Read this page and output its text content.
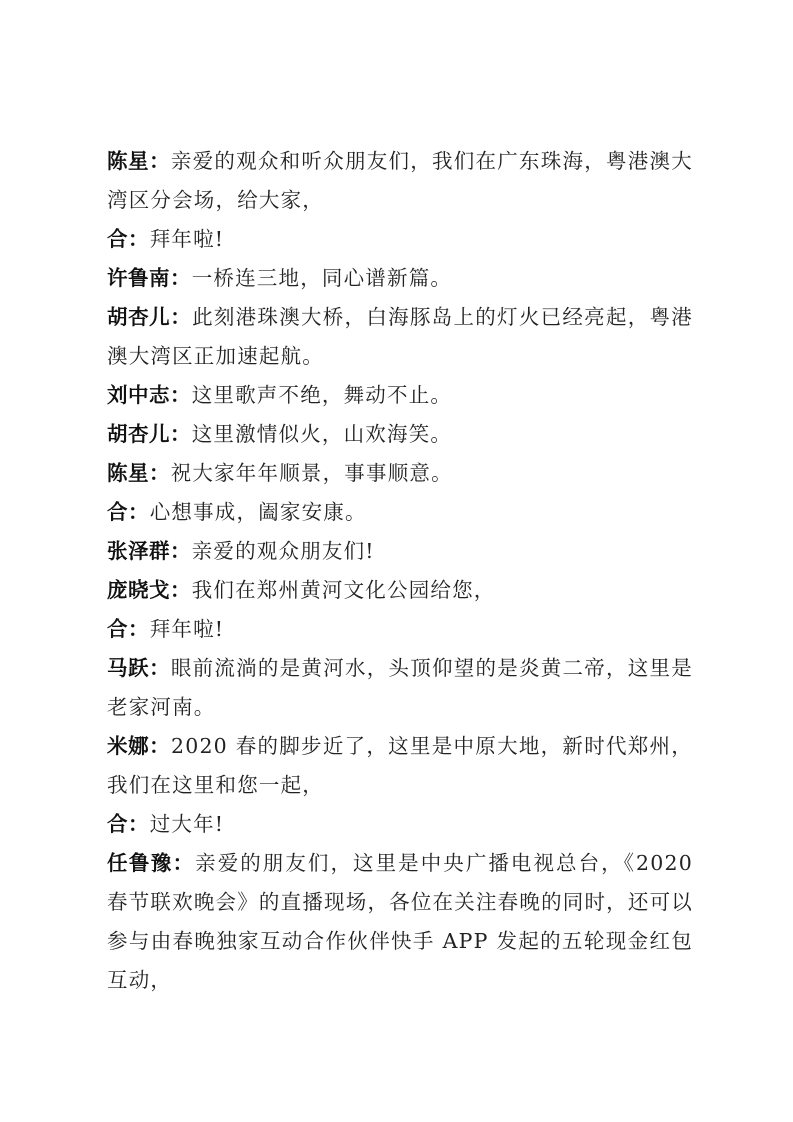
陈星：亲爱的观众和听众朋友们，我们在广东珠海，粤港澳大湾区分会场，给大家，

合：拜年啦!

许鲁南：一桥连三地，同心谱新篇。

胡杏儿：此刻港珠澳大桥，白海豚岛上的灯火已经亮起，粤港澳大湾区正加速起航。

刘中志：这里歌声不绝，舞动不止。

胡杏儿：这里激情似火，山欢海笑。

陈星：祝大家年年顺景，事事顺意。

合：心想事成，阖家安康。

张泽群：亲爱的观众朋友们!

庞晓戈：我们在郑州黄河文化公园给您，

合：拜年啦!

马跃：眼前流淌的是黄河水，头顶仰望的是炎黄二帝，这里是老家河南。

米娜：2020 春的脚步近了，这里是中原大地，新时代郑州，我们在这里和您一起，

合：过大年!

任鲁豫：亲爱的朋友们，这里是中央广播电视总台，《2020 春节联欢晚会》的直播现场，各位在关注春晚的同时，还可以参与由春晚独家互动合作伙伴快手 APP 发起的五轮现金红包互动，
